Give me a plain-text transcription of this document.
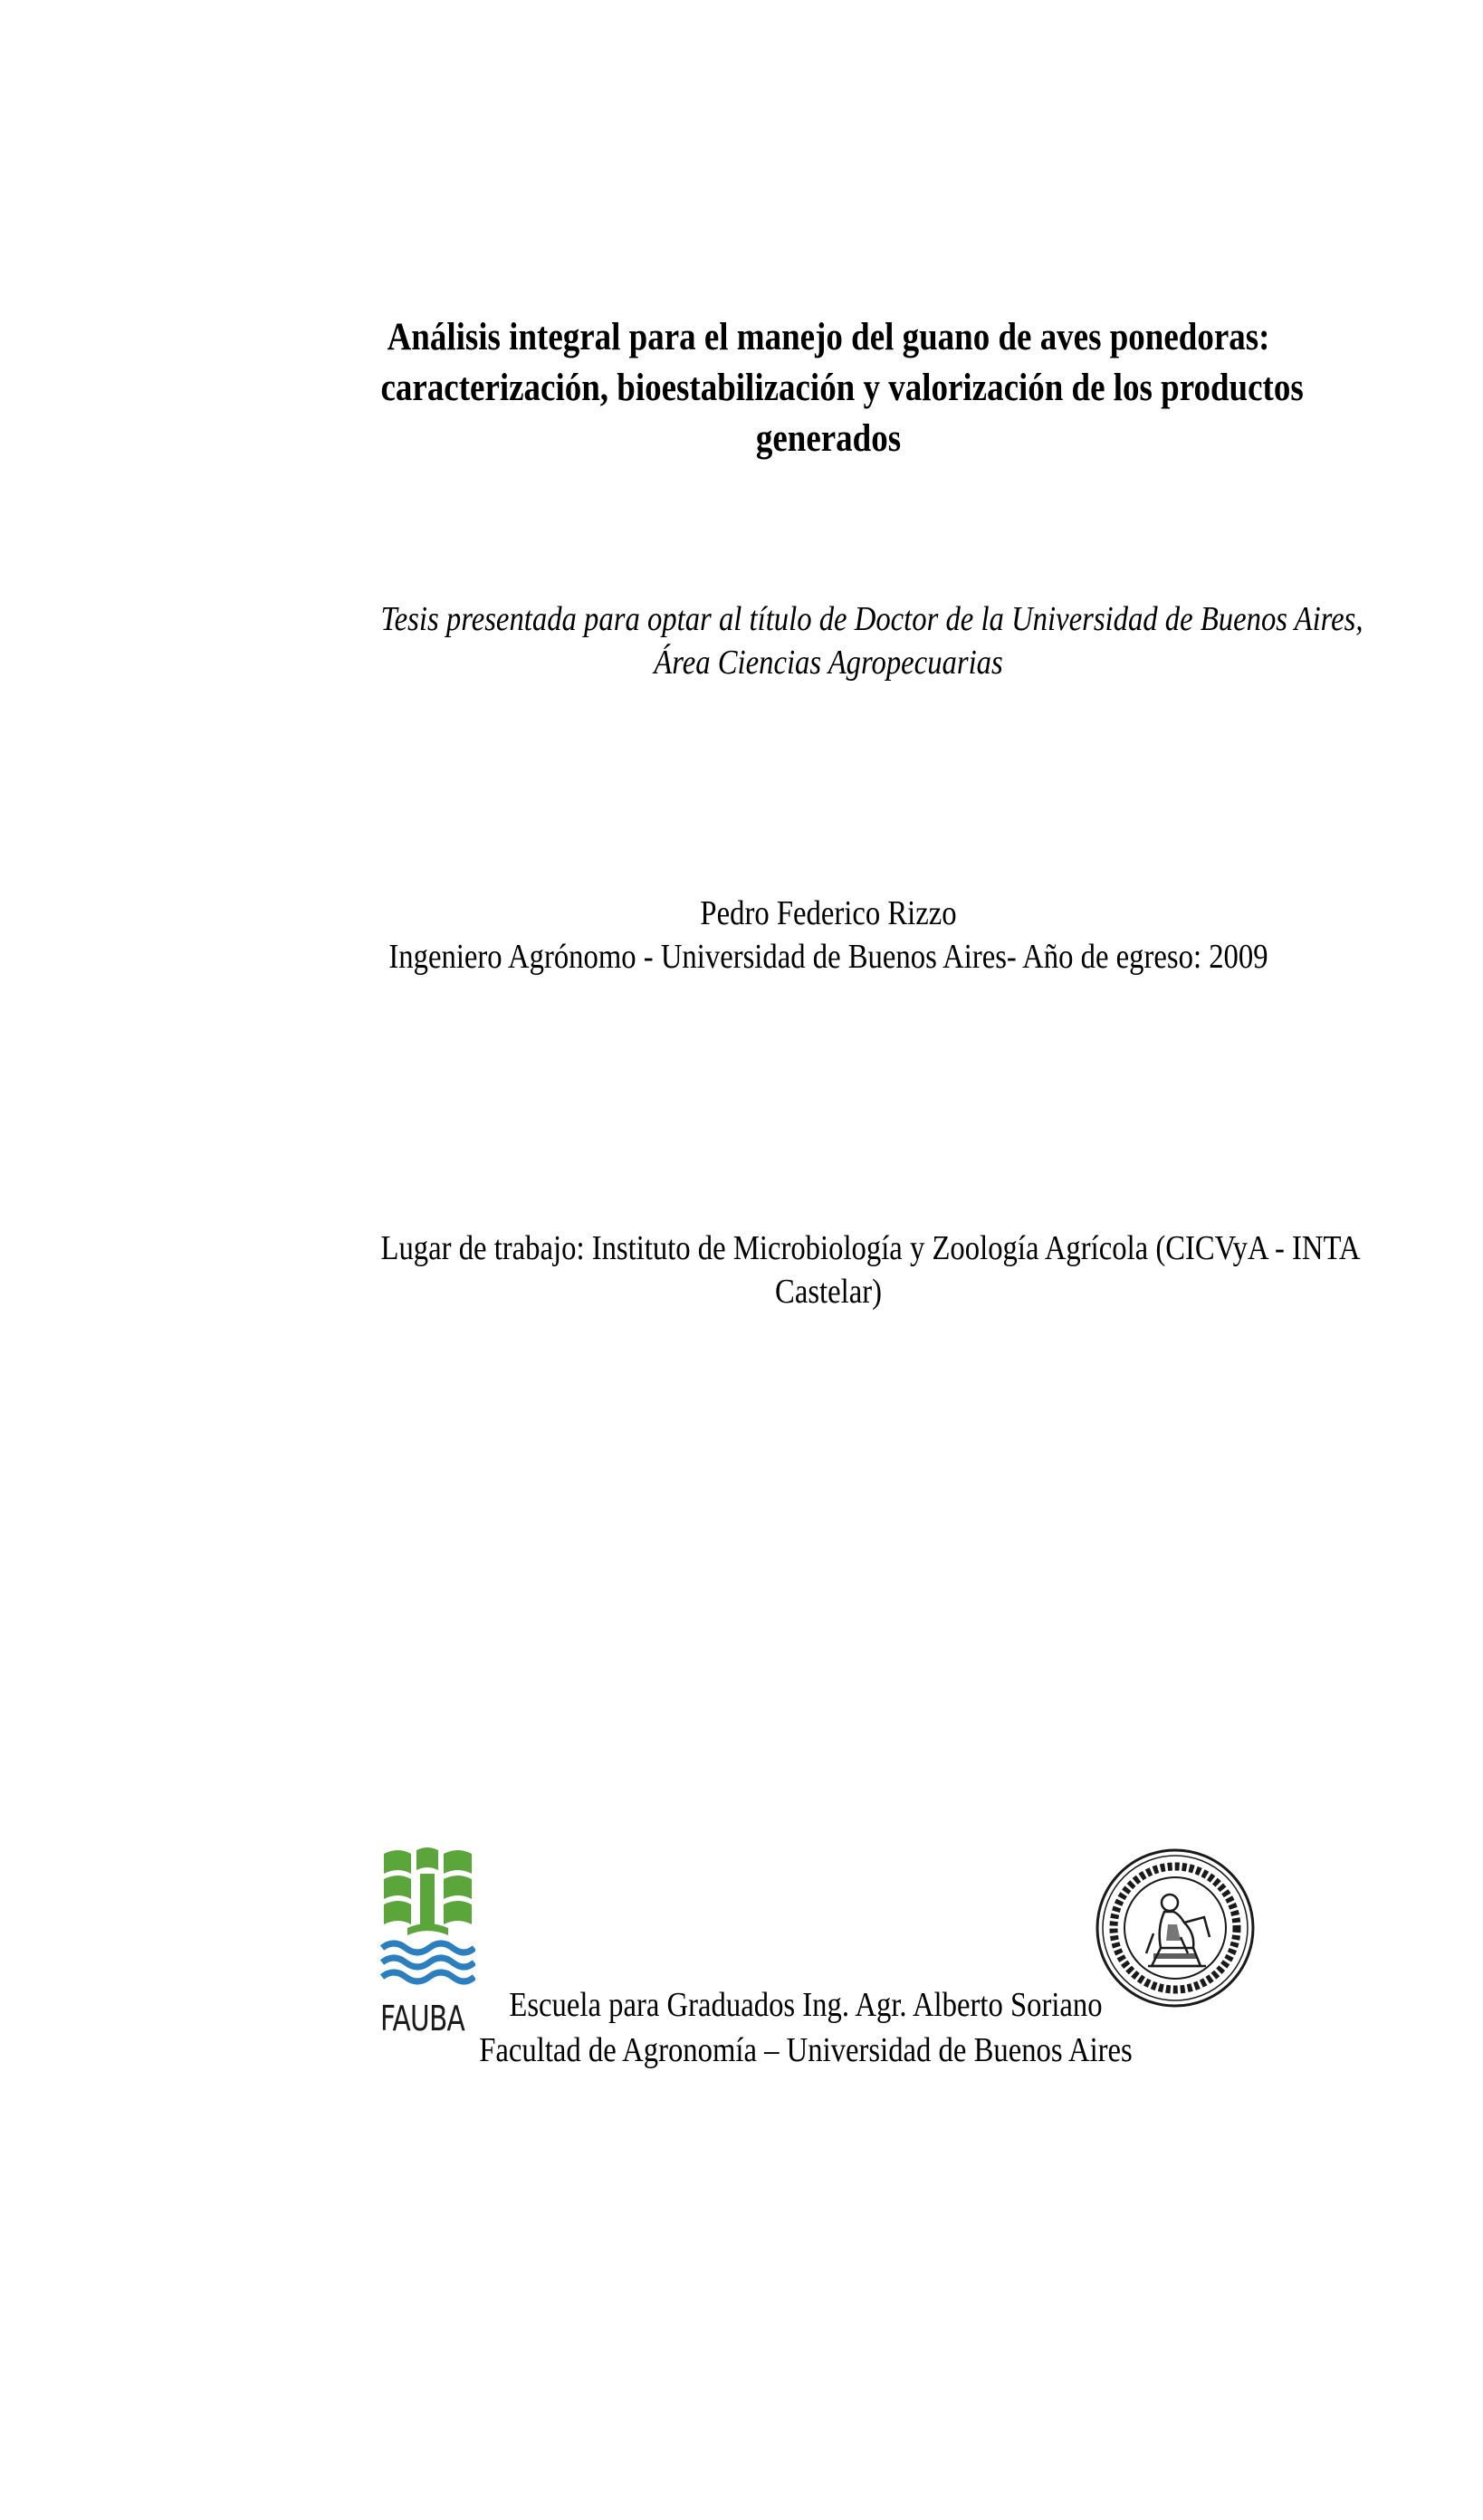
Análisis integral para el manejo del guano de aves ponedoras:
caracterización, bioestabilización y valorización de los productos
generados
Tesis presentada para optar al título de Doctor de la Universidad de Buenos Aires,
Área Ciencias Agropecuarias
Pedro Federico Rizzo
Ingeniero Agrónomo - Universidad de Buenos Aires- Año de egreso: 2009
Lugar de trabajo: Instituto de Microbiología y Zoología Agrícola (CICVyA - INTA
Castelar)
FAUBA	Escuela para Graduados Ing. Agr. Alberto Soriano
Facultad de Agronomía – Universidad de Buenos Aires
